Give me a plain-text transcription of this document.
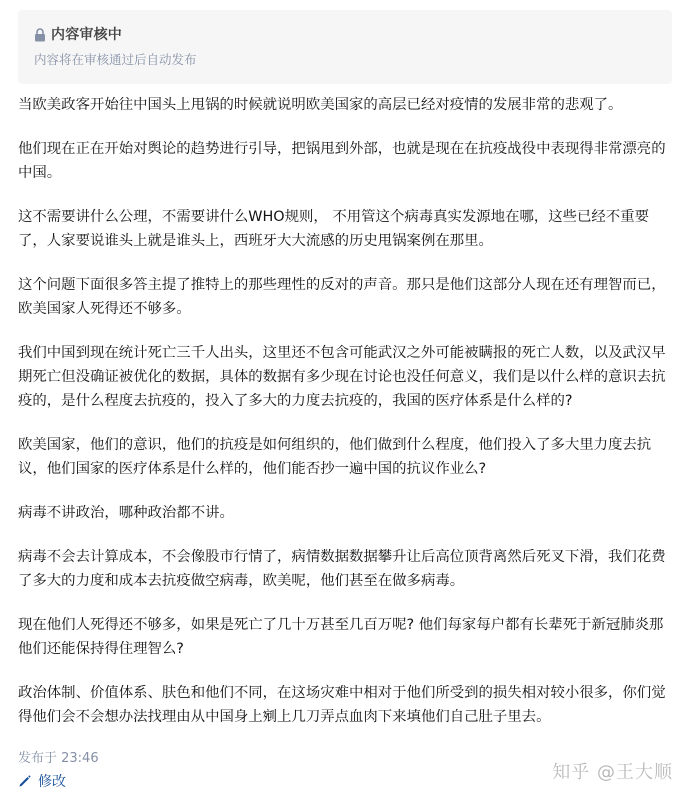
内容审核中
内容将在审核通过后自动发布

当欧美政客开始往中国头上甩锅的时候就说明欧美国家的高层已经对疫情的发展非常的悲观了。

他们现在正在开始对舆论的趋势进行引导，把锅甩到外部，也就是现在在抗疫战役中表现得非常漂亮的中国。

这不需要讲什么公理，不需要讲什么WHO规则， 不用管这个病毒真实发源地在哪，这些已经不重要了，人家要说谁头上就是谁头上，西班牙大大流感的历史甩锅案例在那里。

这个问题下面很多答主提了推特上的那些理性的反对的声音。那只是他们这部分人现在还有理智而已，欧美国家人死得还不够多。

我们中国到现在统计死亡三千人出头，这里还不包含可能武汉之外可能被瞒报的死亡人数，以及武汉早期死亡但没确证被优化的数据，具体的数据有多少现在讨论也没任何意义，我们是以什么样的意识去抗疫的，是什么程度去抗疫的，投入了多大的力度去抗疫的，我国的医疗体系是什么样的?

欧美国家，他们的意识，他们的抗疫是如何组织的，他们做到什么程度，他们投入了多大里力度去抗议，他们国家的医疗体系是什么样的，他们能否抄一遍中国的抗议作业么?

病毒不讲政治，哪种政治都不讲。

病毒不会去计算成本，不会像股市行情了，病情数据数据攀升让后高位顶背离然后死叉下滑，我们花费了多大的力度和成本去抗疫做空病毒，欧美呢，他们甚至在做多病毒。

现在他们人死得还不够多，如果是死亡了几十万甚至几百万呢? 他们每家每户都有长辈死于新冠肺炎那他们还能保持得住理智么?

政治体制、价值体系、肤色和他们不同，在这场灾难中相对于他们所受到的损失相对较小很多，你们觉得他们会不会想办法找理由从中国身上剜上几刀弄点血肉下来填他们自己肚子里去。

发布于 23:46
修改	知乎 @王大顺
